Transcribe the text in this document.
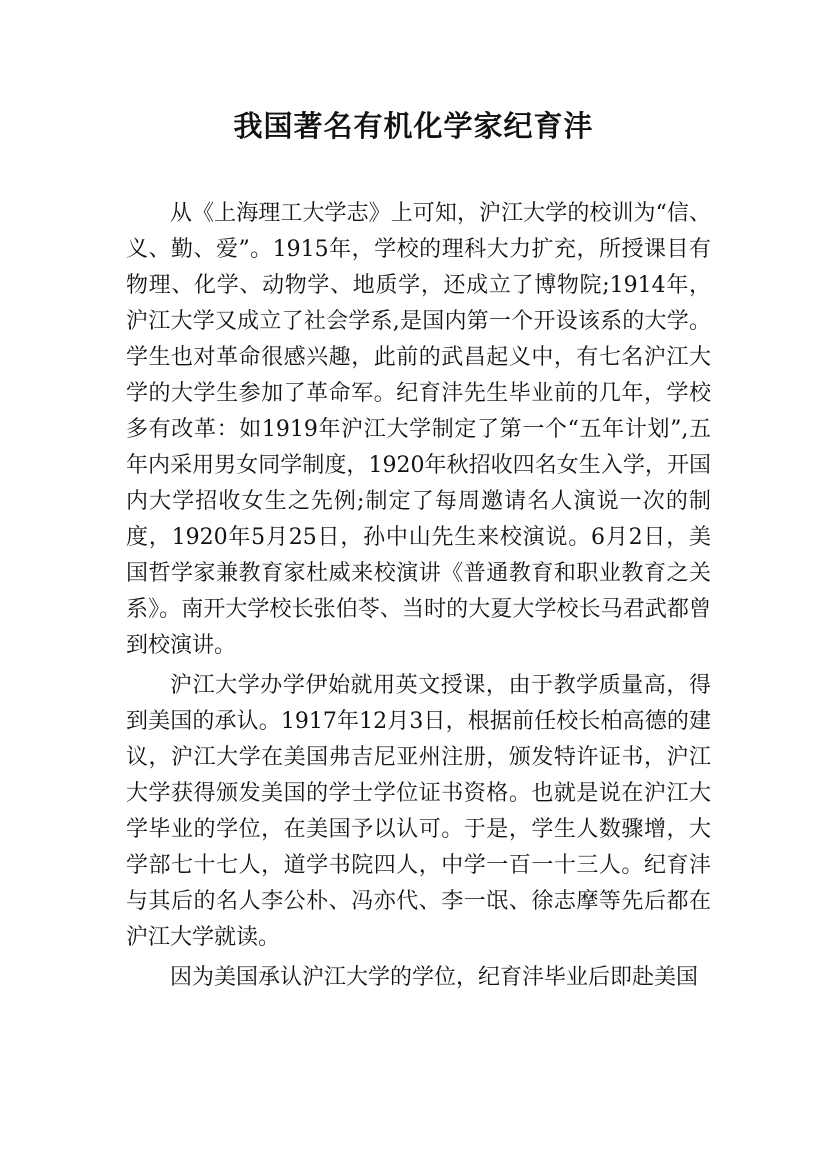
我国著名有机化学家纪育沣

从《上海理工大学志》上可知，沪江大学的校训为“信、义、勤、爱”。1915年，学校的理科大力扩充，所授课目有物理、化学、动物学、地质学，还成立了博物院;1914年，沪江大学又成立了社会学系,是国内第一个开设该系的大学。学生也对革命很感兴趣，此前的武昌起义中，有七名沪江大学的大学生参加了革命军。纪育沣先生毕业前的几年，学校多有改革：如1919年沪江大学制定了第一个“五年计划”,五年内采用男女同学制度，1920年秋招收四名女生入学，开国内大学招收女生之先例;制定了每周邀请名人演说一次的制度，1920年5月25日，孙中山先生来校演说。6月2日，美国哲学家兼教育家杜威来校演讲《普通教育和职业教育之关系》。南开大学校长张伯苓、当时的大夏大学校长马君武都曾到校演讲。

沪江大学办学伊始就用英文授课，由于教学质量高，得到美国的承认。1917年12月3日，根据前任校长柏高德的建议，沪江大学在美国弗吉尼亚州注册，颁发特许证书，沪江大学获得颁发美国的学士学位证书资格。也就是说在沪江大学毕业的学位，在美国予以认可。于是，学生人数骤增，大学部七十七人，道学书院四人，中学一百一十三人。纪育沣与其后的名人李公朴、冯亦代、李一氓、徐志摩等先后都在沪江大学就读。

因为美国承认沪江大学的学位，纪育沣毕业后即赴美国
